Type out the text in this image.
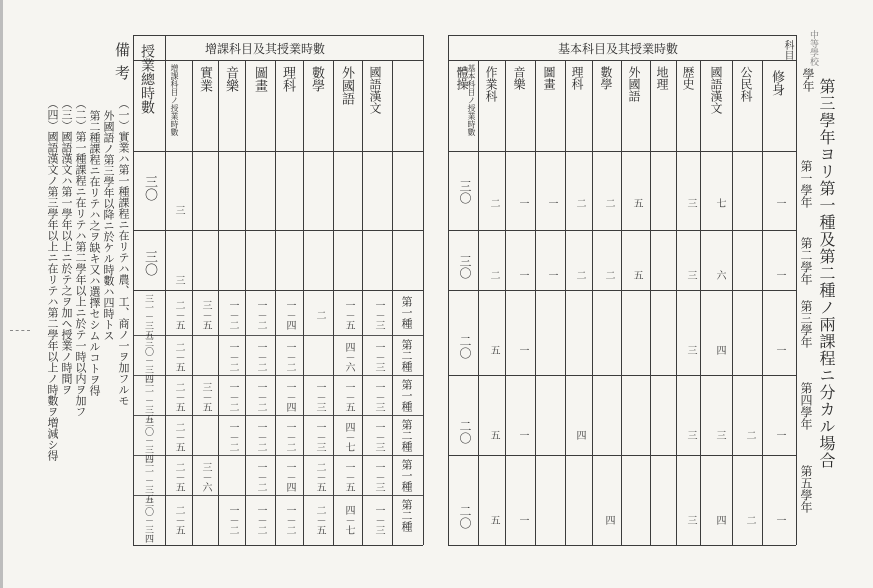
增課科目及其授業時數
國語漢文
外國語
數學
理科
圖畫
音樂
實業
增課科目ノ授業時數
授業總時數
第一種
第二種
第一種
第二種
第一種
第二種
三〇
三〇
三一－三五
三〇－三四
三一－三五
三〇－三四
三一－三五
三〇－三四
一－三
一－三
一－三
一－三
一－三
一－三
一－五
四－六
一－五
四－七
一－五
四－七
二
一－三
一－三
二－五
二－五
一－四
一－二
一－四
一－二
一－四
一－二
一－二
一－二
一－二
一－二
一－二
一－二
一－二
一－二
一－二
一－二
一－二
三－五
三－五
三－六
三
三
二－五
二－五
二－五
二－五
二－五
二－五
備考
（一）實業ハ第一種課程ニ在リテハ農、工、商ノ一ヲ加フルモ
外國語ノ第三學年以降ニ於ケル時數ハ四時トス
第二種課程ニ在リテハ之ヲ缺キ又ハ選擇セシムルコトヲ得
（二）第一種課程ニ在リテハ第二學年以上ニ於テ一時以内ヲ加フ
（三）國語漢文ハ第一學年以上ニ於テ之ヲ加ヘ授業ノ時間ヲ
（四）國語漢文ノ第三學年以上ニ在リテハ第二學年以上ノ時數ヲ増減シ得
基本科目及其授業時數
修身
公民科
國語漢文
歴史
地理
外國語
數學
理科
圖畫
音樂
作業科
體操
基本科目ノ授業時數
第一學年
第二學年
第三學年
第四學年
第五學年
學年
科目
第三學年ヨリ第一種及第二種ノ兩課程ニ分カル場合
中等學校
一
七
三
五
二
二
一
一
二
三〇
一
六
三
五
二
二
一
一
二
三〇
一
四
三
一
五
二〇
一
二
三
三
四
一
五
二〇
一
二
四
三
四
一
五
二〇
